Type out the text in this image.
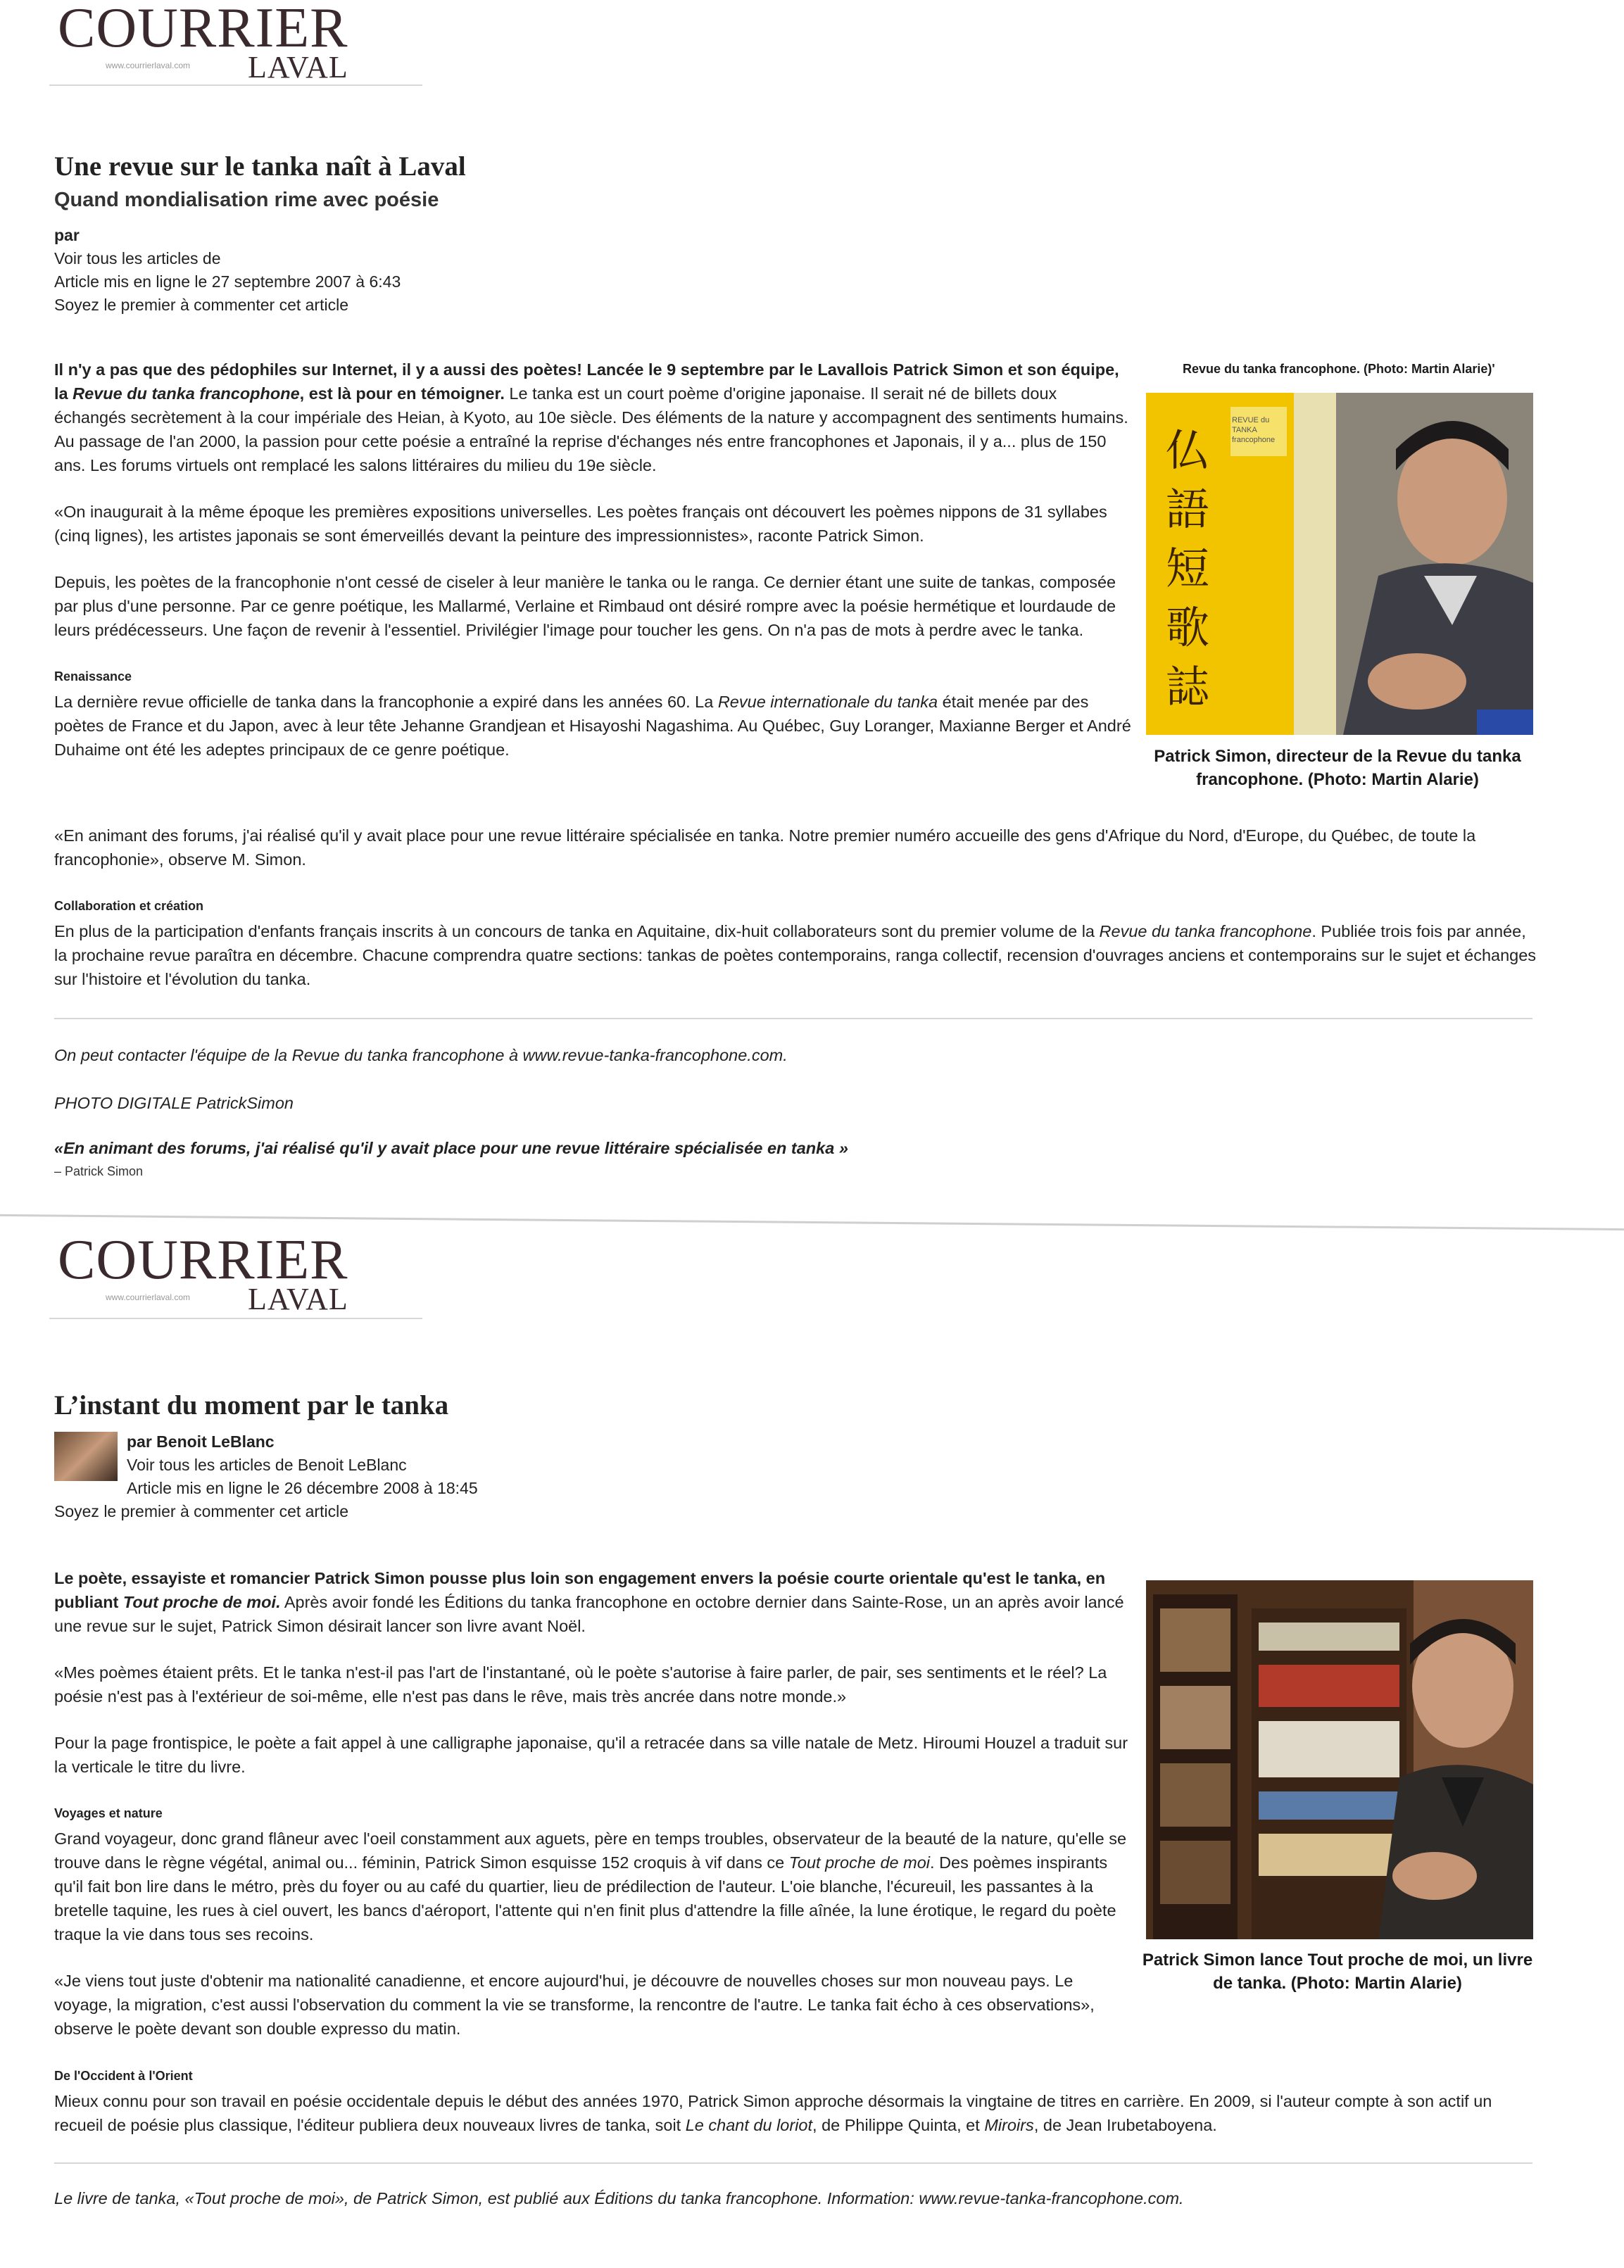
COURRIER
www.courrierlaval.com LAVAL
Une revue sur le tanka naît à Laval
Quand mondialisation rime avec poésie
par
Voir tous les articles de
Article mis en ligne le 27 septembre 2007 à 6:43
Soyez le premier à commenter cet article

Il n'y a pas que des pédophiles sur Internet, il y a aussi des poètes! Lancée le 9 septembre par le Lavallois Patrick Simon et son équipe, la Revue du tanka francophone, est là pour en témoigner. Le tanka est un court poème d'origine japonaise. Il serait né de billets doux échangés secrètement à la cour impériale des Heian, à Kyoto, au 10e siècle. Des éléments de la nature y accompagnent des sentiments humains. Au passage de l'an 2000, la passion pour cette poésie a entraîné la reprise d'échanges nés entre francophones et Japonais, il y a... plus de 150 ans. Les forums virtuels ont remplacé les salons littéraires du milieu du 19e siècle.

«On inaugurait à la même époque les premières expositions universelles. Les poètes français ont découvert les poèmes nippons de 31 syllabes (cinq lignes), les artistes japonais se sont émerveillés devant la peinture des impressionnistes», raconte Patrick Simon.

Depuis, les poètes de la francophonie n'ont cessé de ciseler à leur manière le tanka ou le ranga. Ce dernier étant une suite de tankas, composée par plus d'une personne. Par ce genre poétique, les Mallarmé, Verlaine et Rimbaud ont désiré rompre avec la poésie hermétique et lourdaude de leurs prédécesseurs. Une façon de revenir à l'essentiel. Privilégier l'image pour toucher les gens. On n'a pas de mots à perdre avec le tanka.

Renaissance
La dernière revue officielle de tanka dans la francophonie a expiré dans les années 60. La Revue internationale du tanka était menée par des poètes de France et du Japon, avec à leur tête Jehanne Grandjean et Hisayoshi Nagashima. Au Québec, Guy Loranger, Maxianne Berger et André Duhaime ont été les adeptes principaux de ce genre poétique.

Revue du tanka francophone. (Photo: Martin Alarie)'
仏語短歌誌
REVUE du TANKA francophone
Patrick Simon, directeur de la Revue du tanka francophone. (Photo: Martin Alarie)

«En animant des forums, j'ai réalisé qu'il y avait place pour une revue littéraire spécialisée en tanka. Notre premier numéro accueille des gens d'Afrique du Nord, d'Europe, du Québec, de toute la francophonie», observe M. Simon.

Collaboration et création
En plus de la participation d'enfants français inscrits à un concours de tanka en Aquitaine, dix-huit collaborateurs sont du premier volume de la Revue du tanka francophone. Publiée trois fois par année, la prochaine revue paraîtra en décembre. Chacune comprendra quatre sections: tankas de poètes contemporains, ranga collectif, recension d'ouvrages anciens et contemporains sur le sujet et échanges sur l'histoire et l'évolution du tanka.

On peut contacter l'équipe de la Revue du tanka francophone à www.revue-tanka-francophone.com.
PHOTO DIGITALE PatrickSimon
«En animant des forums, j'ai réalisé qu'il y avait place pour une revue littéraire spécialisée en tanka »
– Patrick Simon
COURRIER
www.courrierlaval.com LAVAL
L’instant du moment par le tanka
par Benoit LeBlanc
Voir tous les articles de Benoit LeBlanc
Article mis en ligne le 26 décembre 2008 à 18:45
Soyez le premier à commenter cet article

Le poète, essayiste et romancier Patrick Simon pousse plus loin son engagement envers la poésie courte orientale qu'est le tanka, en publiant Tout proche de moi. Après avoir fondé les Éditions du tanka francophone en octobre dernier dans Sainte-Rose, un an après avoir lancé une revue sur le sujet, Patrick Simon désirait lancer son livre avant Noël.

«Mes poèmes étaient prêts. Et le tanka n'est-il pas l'art de l'instantané, où le poète s'autorise à faire parler, de pair, ses sentiments et le réel? La poésie n'est pas à l'extérieur de soi-même, elle n'est pas dans le rêve, mais très ancrée dans notre monde.»

Pour la page frontispice, le poète a fait appel à une calligraphe japonaise, qu'il a retracée dans sa ville natale de Metz. Hiroumi Houzel a traduit sur la verticale le titre du livre.

Voyages et nature
Grand voyageur, donc grand flâneur avec l'oeil constamment aux aguets, père en temps troubles, observateur de la beauté de la nature, qu'elle se trouve dans le règne végétal, animal ou... féminin, Patrick Simon esquisse 152 croquis à vif dans ce Tout proche de moi. Des poèmes inspirants qu'il fait bon lire dans le métro, près du foyer ou au café du quartier, lieu de prédilection de l'auteur. L'oie blanche, l'écureuil, les passantes à la bretelle taquine, les rues à ciel ouvert, les bancs d'aéroport, l'attente qui n'en finit plus d'attendre la fille aînée, la lune érotique, le regard du poète traque la vie dans tous ses recoins.

«Je viens tout juste d'obtenir ma nationalité canadienne, et encore aujourd'hui, je découvre de nouvelles choses sur mon nouveau pays. Le voyage, la migration, c'est aussi l'observation du comment la vie se transforme, la rencontre de l'autre. Le tanka fait écho à ces observations», observe le poète devant son double expresso du matin.

Patrick Simon lance Tout proche de moi, un livre de tanka. (Photo: Martin Alarie)

De l'Occident à l'Orient
Mieux connu pour son travail en poésie occidentale depuis le début des années 1970, Patrick Simon approche désormais la vingtaine de titres en carrière. En 2009, si l'auteur compte à son actif un recueil de poésie plus classique, l'éditeur publiera deux nouveaux livres de tanka, soit Le chant du loriot, de Philippe Quinta, et Miroirs, de Jean Irubetaboyena.

Le livre de tanka, «Tout proche de moi», de Patrick Simon, est publié aux Éditions du tanka francophone. Information: www.revue-tanka-francophone.com.
